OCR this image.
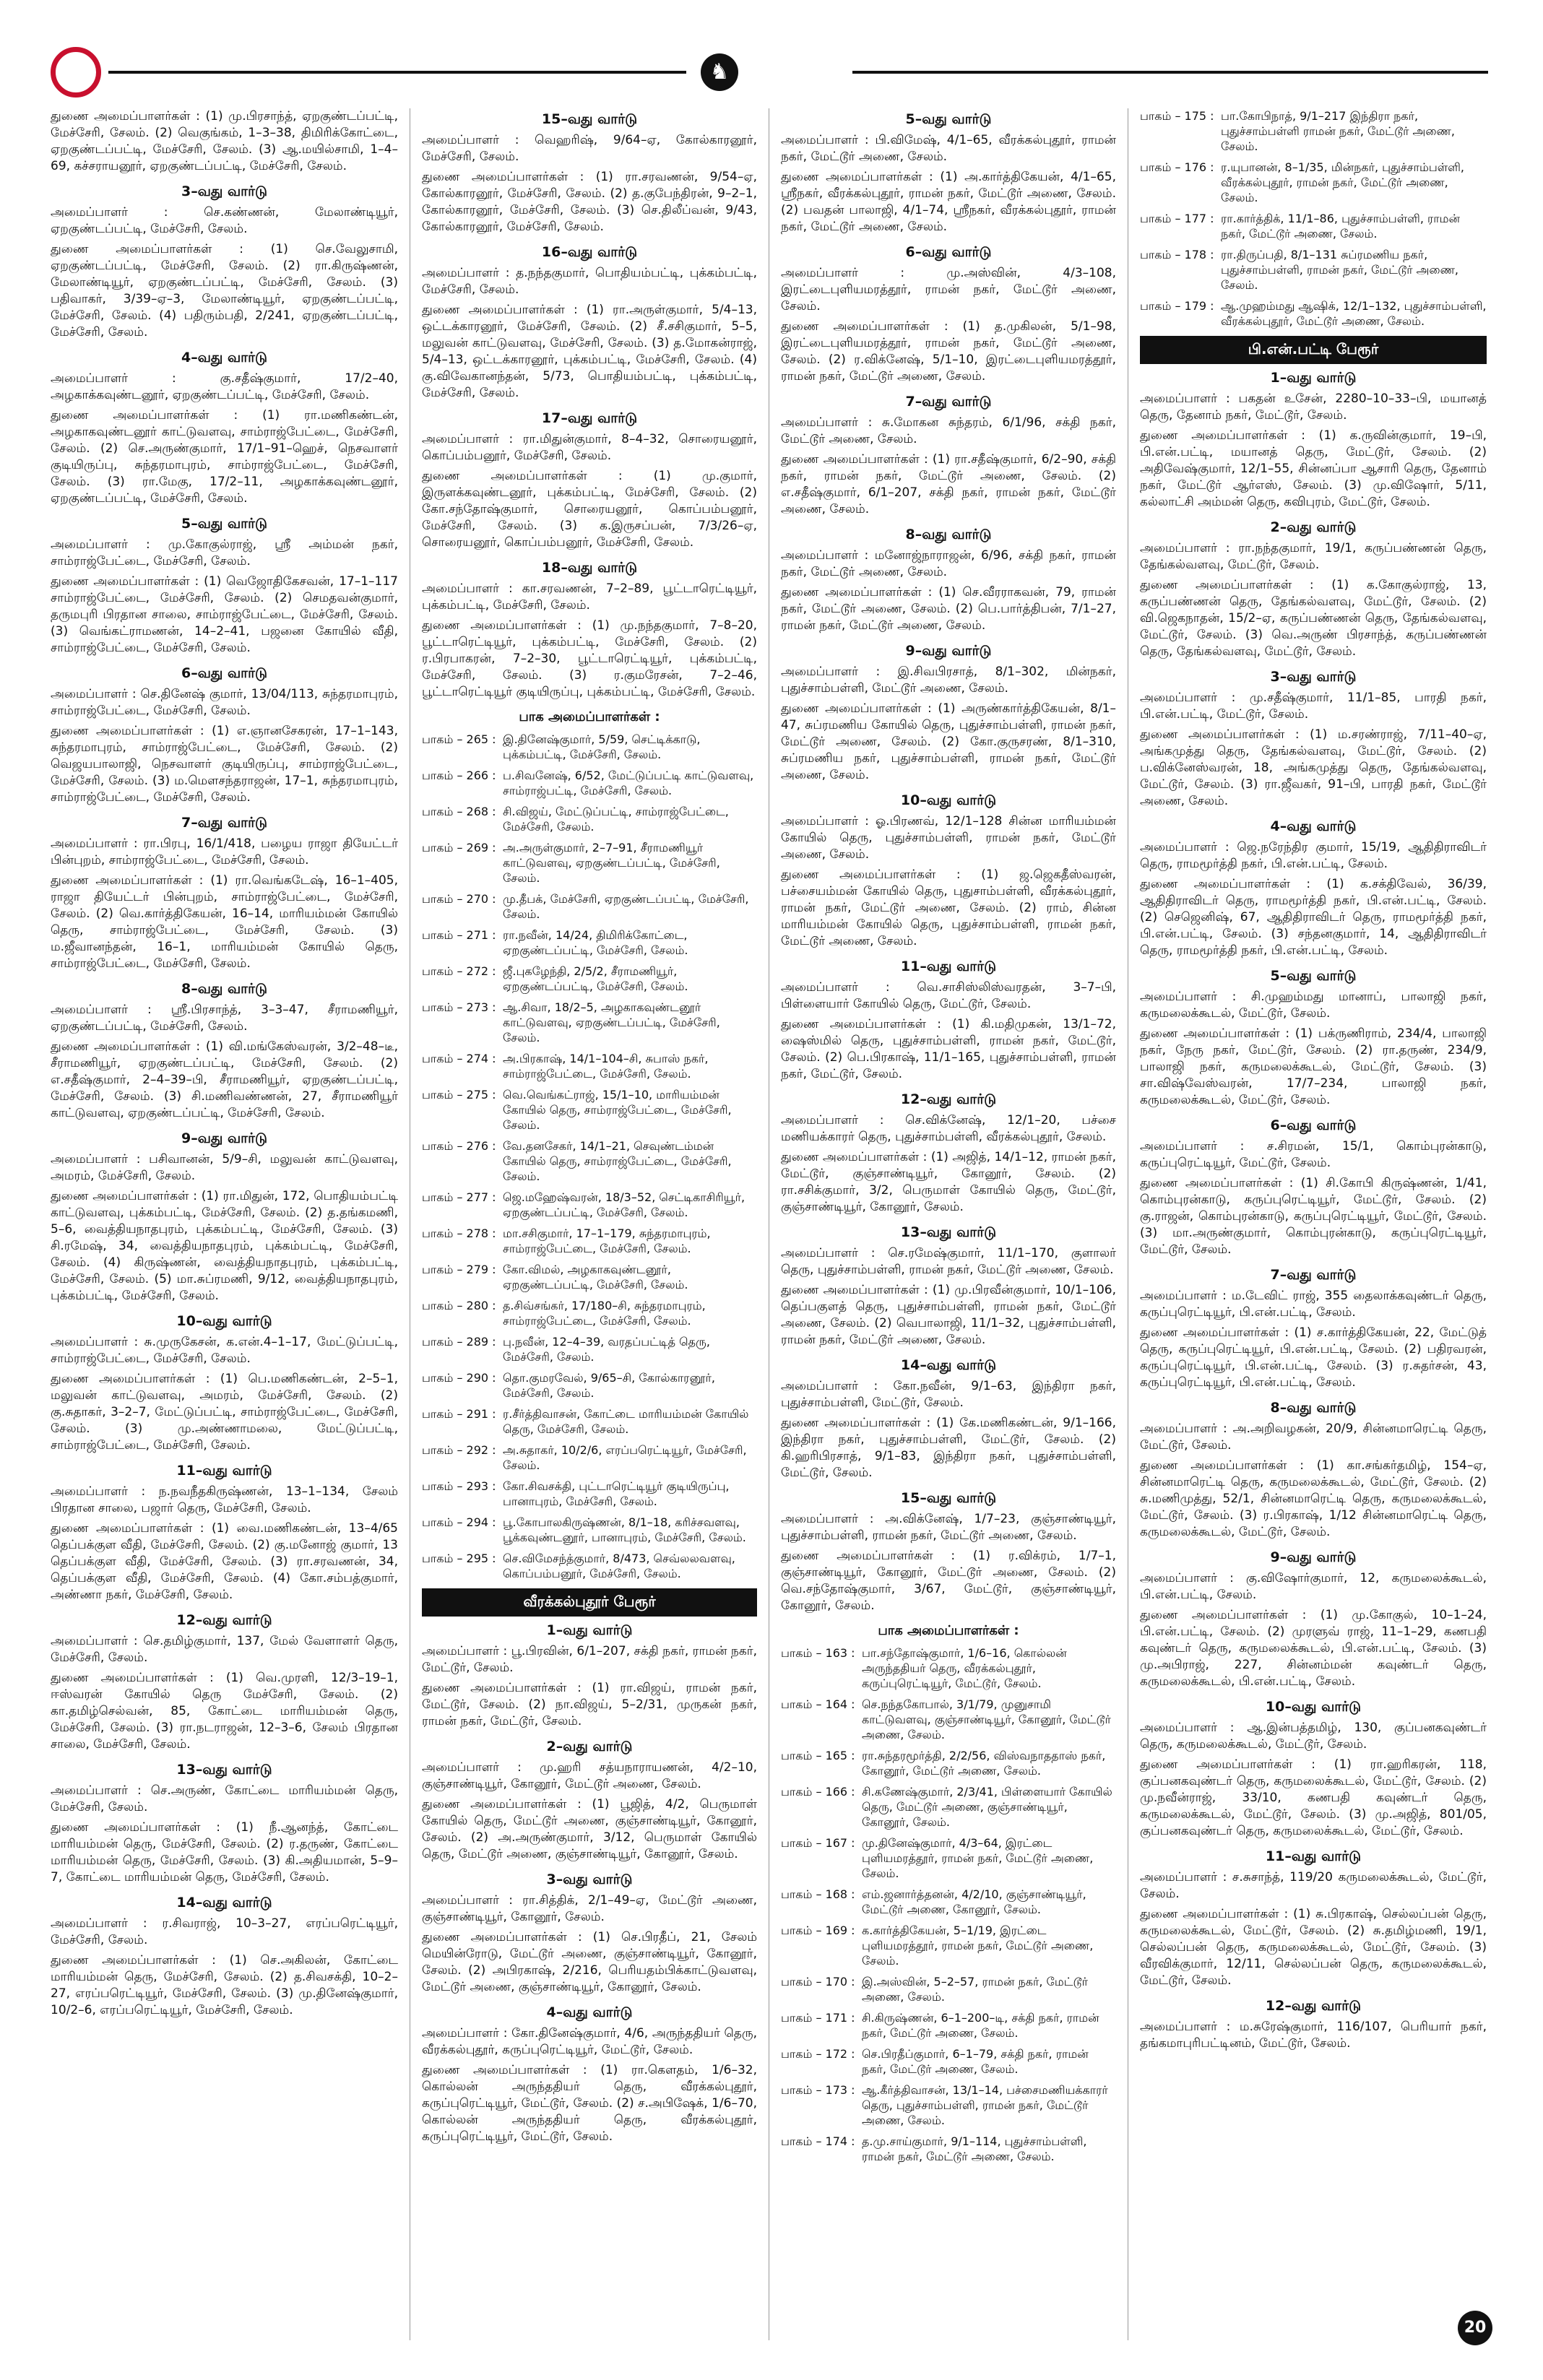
♞

துணை அமைப்பாளர்கள் : (1) மு.பிரசாந்த், ஏறகுண்டப்பட்டி, மேச்சேரி, சேலம். (2) வெகுங்கம், 1–3–38, திமிரிக்கோட்டை, ஏறகுண்டப்பட்டி, மேச்சேரி, சேலம். (3) ஆ.மயில்சாமி, 1–4–69, கச்சராயனூர், ஏறகுண்டப்பட்டி, மேச்சேரி, சேலம்.

3–வது வார்டு

அமைப்பாளர் : செ.கண்ணன், மேலாண்டியூர், ஏறகுண்டப்பட்டி, மேச்சேரி, சேலம்.

துணை அமைப்பாளர்கள் : (1) செ.வேலுசாமி, ஏறகுண்டப்பட்டி, மேச்சேரி, சேலம். (2) ரா.கிருஷ்ணன், மேலாண்டியூர், ஏறகுண்டப்பட்டி, மேச்சேரி, சேலம். (3) பதிவாகர், 3/39–ஏ–3, மேலாண்டியூர், ஏறகுண்டப்பட்டி, மேச்சேரி, சேலம். (4) பதிரும்பதி, 2/241, ஏறகுண்டப்பட்டி, மேச்சேரி, சேலம்.

4–வது வார்டு

அமைப்பாளர் : கு.சதீஷ்குமார், 17/2–40, அழகாக்கவுண்டனூர், ஏறகுண்டப்பட்டி, மேச்சேரி, சேலம்.

துணை அமைப்பாளர்கள் : (1) ரா.மணிகண்டன், அழகாகவுண்டனூர் காட்டுவளவு, சாம்ராஜ்பேட்டை, மேச்சேரி, சேலம். (2) செ.அருண்குமார், 17/1–91–ஹெச், நெசவாளர் குடியிருப்பு, சுந்தரமாபுரம், சாம்ராஜ்பேட்டை, மேச்சேரி, சேலம். (3) ரா.மேகு, 17/2–11, அழகாக்கவுண்டனூர், ஏறகுண்டப்பட்டி, மேச்சேரி, சேலம்.

5–வது வார்டு

அமைப்பாளர் : மு.கோகுல்ராஜ், ஸ்ரீ அம்மன் நகர், சாம்ராஜ்பேட்டை, மேச்சேரி, சேலம்.

துணை அமைப்பாளர்கள் : (1) வெஜோதிகேசவன், 17–1–117 சாம்ராஜ்பேட்டை, மேச்சேரி, சேலம். (2) செமதவன்குமார், தருமபுரி பிரதான சாலை, சாம்ராஜ்பேட்டை, மேச்சேரி, சேலம். (3) வெங்கட்ராமணன், 14–2–41, பஜனை கோயில் வீதி, சாம்ராஜ்பேட்டை, மேச்சேரி, சேலம்.

6–வது வார்டு

அமைப்பாளர் : செ.தினேஷ் குமார், 13/04/113, சுந்தரமாபுரம், சாம்ராஜ்பேட்டை, மேச்சேரி, சேலம்.

துணை அமைப்பாளர்கள் : (1) எ.ஞானசேகரன், 17–1–143, சுந்தரமாபுரம், சாம்ராஜ்பேட்டை, மேச்சேரி, சேலம். (2) வெஜயபாலாஜி, நெசவாளர் குடியிருப்பு, சாம்ராஜ்பேட்டை, மேச்சேரி, சேலம். (3) ம.மௌசந்தராஜன், 17–1, சுந்தரமாபுரம், சாம்ராஜ்பேட்டை, மேச்சேரி, சேலம்.

7–வது வார்டு

அமைப்பாளர் : ரா.பிரபு, 16/1/418, பழைய ராஜா தியேட்டர் பின்புறம், சாம்ராஜ்பேட்டை, மேச்சேரி, சேலம்.

துணை அமைப்பாளர்கள் : (1) ரா.வெங்கடேஷ், 16–1–405, ராஜா தியேட்டர் பின்புறம், சாம்ராஜ்பேட்டை, மேச்சேரி, சேலம். (2) வெ.கார்த்திகேயன், 16–14, மாரியம்மன் கோயில் தெரு, சாம்ராஜ்பேட்டை, மேச்சேரி, சேலம். (3) ம.ஜீவானந்தன், 16–1, மாரியம்மன் கோயில் தெரு, சாம்ராஜ்பேட்டை, மேச்சேரி, சேலம்.

8–வது வார்டு

அமைப்பாளர் : ஸ்ரீ.பிரசாந்த், 3–3–47, சீராமணியூர், ஏறகுண்டப்பட்டி, மேச்சேரி, சேலம்.

துணை அமைப்பாளர்கள் : (1) வி.மங்கேஸ்வரன், 3/2–48–டீ, சீராமணியூர், ஏறகுண்டப்பட்டி, மேச்சேரி, சேலம். (2) எ.சதீஷ்குமார், 2–4–39–பி, சீராமணியூர், ஏறகுண்டப்பட்டி, மேச்சேரி, சேலம். (3) சி.மணிவண்ணன், 27, சீராமணியூர் காட்டுவளவு, ஏறகுண்டப்பட்டி, மேச்சேரி, சேலம்.

9–வது வார்டு

அமைப்பாளர் : பசிவானன், 5/9–சி, மலுவன் காட்டுவளவு, அமரம், மேச்சேரி, சேலம்.

துணை அமைப்பாளர்கள் : (1) ரா.மிதுன், 172, பொதியம்பட்டி காட்டுவளவு, புக்கம்பட்டி, மேச்சேரி, சேலம். (2) த.தங்கமணி, 5–6, வைத்தியநாதபுரம், புக்கம்பட்டி, மேச்சேரி, சேலம். (3) சி.ரமேஷ், 34, வைத்தியநாதபுரம், புக்கம்பட்டி, மேச்சேரி, சேலம். (4) கிருஷ்ணன், வைத்தியநாதபுரம், புக்கம்பட்டி, மேச்சேரி, சேலம். (5) மா.சுப்ரமணி, 9/12, வைத்தியநாதபுரம், புக்கம்பட்டி, மேச்சேரி, சேலம்.

10–வது வார்டு

அமைப்பாளர் : சு.முருகேசன், க.என்.4–1–17, மேட்டுப்பட்டி, சாம்ராஜ்பேட்டை, மேச்சேரி, சேலம்.

துணை அமைப்பாளர்கள் : (1) பெ.மணிகண்டன், 2–5–1, மலுவன் காட்டுவளவு, அமரம், மேச்சேரி, சேலம். (2) கு.சுதாகர், 3–2–7, மேட்டுப்பட்டி, சாம்ராஜ்பேட்டை, மேச்சேரி, சேலம். (3) மு.அண்ணாமலை, மேட்டுப்பட்டி, சாம்ராஜ்பேட்டை, மேச்சேரி, சேலம்.

11–வது வார்டு

அமைப்பாளர் : ந.நவநீதகிருஷ்ணன், 13–1–134, சேலம் பிரதான சாலை, பஜார் தெரு, மேச்சேரி, சேலம்.

துணை அமைப்பாளர்கள் : (1) வை.மணிகண்டன், 13–4/65 தெப்பக்குள வீதி, மேச்சேரி, சேலம். (2) கு.மனோஜ் குமார், 13 தெப்பக்குள வீதி, மேச்சேரி, சேலம். (3) ரா.சரவணன், 34, தெப்பக்குள வீதி, மேச்சேரி, சேலம். (4) கோ.சம்பத்குமார், அண்ணா நகர், மேச்சேரி, சேலம்.

12–வது வார்டு

அமைப்பாளர் : செ.தமிழ்குமார், 137, மேல் வேளாளர் தெரு, மேச்சேரி, சேலம்.

துணை அமைப்பாளர்கள் : (1) வெ.முரளி, 12/3–19–1, ஈஸ்வரன் கோயில் தெரு மேச்சேரி, சேலம். (2) கா.தமிழ்செல்வன், 85, கோட்டை மாரியம்மன் தெரு, மேச்சேரி, சேலம். (3) ரா.நடராஜன், 12–3–6, சேலம் பிரதான சாலை, மேச்சேரி, சேலம்.

13–வது வார்டு

அமைப்பாளர் : செ.அருண், கோட்டை மாரியம்மன் தெரு, மேச்சேரி, சேலம்.

துணை அமைப்பாளர்கள் : (1) நீ.ஆனந்த், கோட்டை மாரியம்மன் தெரு, மேச்சேரி, சேலம். (2) ர.தருண், கோட்டை மாரியம்மன் தெரு, மேச்சேரி, சேலம். (3) கி.அதியமான், 5–9–7, கோட்டை மாரியம்மன் தெரு, மேச்சேரி, சேலம்.

14–வது வார்டு

அமைப்பாளர் : ர.சிவராஜ், 10–3–27, எரப்பரெட்டியூர், மேச்சேரி, சேலம்.

துணை அமைப்பாளர்கள் : (1) செ.அகிலன், கோட்டை மாரியம்மன் தெரு, மேச்சேரி, சேலம். (2) த.சிவசக்தி, 10–2–27, எரப்பரெட்டியூர், மேச்சேரி, சேலம். (3) மு.தினேஷ்குமார், 10/2–6, எரப்பரெட்டியூர், மேச்சேரி, சேலம்.

15–வது வார்டு

அமைப்பாளர் : வெஹரிஷ், 9/64–ஏ, கோல்காரனூர், மேச்சேரி, சேலம்.

துணை அமைப்பாளர்கள் : (1) ரா.சரவணன், 9/54–ஏ, கோல்காரனூர், மேச்சேரி, சேலம். (2) த.குபேந்திரன், 9–2–1, கோல்காரனூர், மேச்சேரி, சேலம். (3) செ.திலீப்வன், 9/43, கோல்காரனூர், மேச்சேரி, சேலம்.

16–வது வார்டு

அமைப்பாளர் : த.நந்தகுமார், பொதியம்பட்டி, புக்கம்பட்டி, மேச்சேரி, சேலம்.

துணை அமைப்பாளர்கள் : (1) ரா.அருள்குமார், 5/4–13, ஒட்டக்காரனூர், மேச்சேரி, சேலம். (2) சீ.சசிகுமார், 5–5, மலுவன் காட்டுவளவு, மேச்சேரி, சேலம். (3) த.மோகன்ராஜ், 5/4–13, ஒட்டக்காரனூர், புக்கம்பட்டி, மேச்சேரி, சேலம். (4) கு.விவேகானந்தன், 5/73, பொதியம்பட்டி, புக்கம்பட்டி, மேச்சேரி, சேலம்.

17–வது வார்டு

அமைப்பாளர் : ரா.மிதுன்குமார், 8–4–32, சொரையனூர், கொப்பம்பனூர், மேச்சேரி, சேலம்.

துணை அமைப்பாளர்கள் : (1) மு.குமார், இருளக்கவுண்டனூர், புக்கம்பட்டி, மேச்சேரி, சேலம். (2) கோ.சந்தோஷ்குமார், சொரையனூர், கொப்பம்பனூர், மேச்சேரி, சேலம். (3) க.இருசப்பன், 7/3/26–ஏ, சொரையனூர், கொப்பம்பனூர், மேச்சேரி, சேலம்.

18–வது வார்டு

அமைப்பாளர் : கா.சரவணன், 7–2–89, பூட்டாரெட்டியூர், புக்கம்பட்டி, மேச்சேரி, சேலம்.

துணை அமைப்பாளர்கள் : (1) மு.நந்தகுமார், 7–8–20, பூட்டாரெட்டியூர், புக்கம்பட்டி, மேச்சேரி, சேலம். (2) ர.பிரபாகரன், 7–2–30, பூட்டாரெட்டியூர், புக்கம்பட்டி, மேச்சேரி, சேலம். (3) ர.குமரேசன், 7–2–46, பூட்டாரெட்டியூர் குடியிருப்பு, புக்கம்பட்டி, மேச்சேரி, சேலம்.

பாக அமைப்பாளர்கள் :
பாகம் – 265 : இ.தினேஷ்குமார், 5/59, செட்டிக்காடு, புக்கம்பட்டி, மேச்சேரி, சேலம்.
பாகம் – 266 : ப.சிவனேஷ், 6/52, மேட்டுப்பட்டி காட்டுவளவு, சாம்ராஜ்பட்டி, மேச்சேரி, சேலம்.
பாகம் – 268 : சி.விஜய், மேட்டுப்பட்டி, சாம்ராஜ்பேட்டை, மேச்சேரி, சேலம்.
பாகம் – 269 : அ.அருள்குமார், 2–7–91, சீராமணியூர் காட்டுவளவு, ஏறகுண்டப்பட்டி, மேச்சேரி, சேலம்.
பாகம் – 270 : மு.தீபக், மேச்சேரி, ஏறகுண்டப்பட்டி, மேச்சேரி, சேலம்.
பாகம் – 271 : ரா.நவீன், 14/24, திமிரிக்கோட்டை, ஏறகுண்டப்பட்டி, மேச்சேரி, சேலம்.
பாகம் – 272 : ஜீ.புகழேந்தி, 2/5/2, சீராமணியூர், ஏறகுண்டப்பட்டி, மேச்சேரி, சேலம்.
பாகம் – 273 : ஆ.சிவா, 18/2–5, அழகாகவுண்டனூர் காட்டுவளவு, ஏறகுண்டப்பட்டி, மேச்சேரி, சேலம்.
பாகம் – 274 : அ.பிரகாஷ், 14/1–104–சி, சுபாஸ் நகர், சாம்ராஜ்பேட்டை, மேச்சேரி, சேலம்.
பாகம் – 275 : வெ.வெங்கட்ராஜ், 15/1–10, மாரியம்மன் கோயில் தெரு, சாம்ராஜ்பேட்டை, மேச்சேரி, சேலம்.
பாகம் – 276 : வே.தனசேகர், 14/1–21, செவுண்டம்மன் கோயில் தெரு, சாம்ராஜ்பேட்டை, மேச்சேரி, சேலம்.
பாகம் – 277 : ஜெ.மஹேஷ்வரன், 18/3–52, செட்டிகாசிரியூர், ஏறகுண்டப்பட்டி, மேச்சேரி, சேலம்.
பாகம் – 278 : மா.சசிகுமார், 17–1–179, சுந்தரமாபுரம், சாம்ராஜ்பேட்டை, மேச்சேரி, சேலம்.
பாகம் – 279 : கோ.விமல், அழகாகவுண்டனூர், ஏறகுண்டப்பட்டி, மேச்சேரி, சேலம்.
பாகம் – 280 : த.சிவ்சங்கர், 17/180–சி, சுந்தரமாபுரம், சாம்ராஜ்பேட்டை, மேச்சேரி, சேலம்.
பாகம் – 289 : பு.நவீன், 12–4–39, வரதப்பட்டித் தெரு, மேச்சேரி, சேலம்.
பாகம் – 290 : தொ.குமரவேல், 9/65–சி, கோல்காரனூர், மேச்சேரி, சேலம்.
பாகம் – 291 : ர.சீர்த்திவாசன், கோட்டை மாரியம்மன் கோயில் தெரு, மேச்சேரி, சேலம்.
பாகம் – 292 : அ.சுதாகர், 10/2/6, எரப்பரெட்டியூர், மேச்சேரி, சேலம்.
பாகம் – 293 : கோ.சிவசக்தி, புட்டாரெட்டியூர் குடியிருப்பு, பானாபுரம், மேச்சேரி, சேலம்.
பாகம் – 294 : பூ.கோபாலகிருஷ்ணன், 8/1–18, கரிச்சவளவு, பூக்கவுண்டனூர், பானாபுரம், மேச்சேரி, சேலம்.
பாகம் – 295 : செ.விமேசந்த்குமார், 8/473, செவ்லலவளவு, கொப்பம்பனூர், மேச்சேரி, சேலம்.
வீரக்கல்புதூர் பேரூர்
1–வது வார்டு

அமைப்பாளர் : பூ.பிரவின், 6/1–207, சக்தி நகர், ராமன் நகர், மேட்டூர், சேலம்.

துணை அமைப்பாளர்கள் : (1) ரா.விஜய், ராமன் நகர், மேட்டூர், சேலம். (2) நா.விஜய், 5–2/31, முருகன் நகர், ராமன் நகர், மேட்டூர், சேலம்.

2–வது வார்டு

அமைப்பாளர் : மு.ஹரி சத்யநாராயணன், 4/2–10, குஞ்சாண்டியூர், கோனூர், மேட்டூர் அணை, சேலம்.

துணை அமைப்பாளர்கள் : (1) பூஜித், 4/2, பெருமாள் கோயில் தெரு, மேட்டூர் அணை, குஞ்சாண்டியூர், கோனூர், சேலம். (2) அ.அருண்குமார், 3/12, பெருமாள் கோயில் தெரு, மேட்டூர் அணை, குஞ்சாண்டியூர், கோனூர், சேலம்.

3–வது வார்டு

அமைப்பாளர் : ரா.சித்திக், 2/1–49–ஏ, மேட்டூர் அணை, குஞ்சாண்டியூர், கோனூர், சேலம்.

துணை அமைப்பாளர்கள் : (1) செ.பிரதீப், 21, சேலம் மெயின்ரோடு, மேட்டூர் அணை, குஞ்சாண்டியூர், கோனூர், சேலம். (2) அபிரகாஷ், 2/216, பெரியதம்பிக்காட்டுவளவு, மேட்டூர் அணை, குஞ்சாண்டியூர், கோனூர், சேலம்.

4–வது வார்டு

அமைப்பாளர் : கோ.தினேஷ்குமார், 4/6, அருந்ததியர் தெரு, வீரக்கல்புதூர், கருப்புரெட்டியூர், மேட்டூர், சேலம்.

துணை அமைப்பாளர்கள் : (1) ரா.கௌதம், 1/6–32, கொல்லன் அருந்ததியர் தெரு, வீரக்கல்புதூர், கருப்புரெட்டியூர், மேட்டூர், சேலம். (2) ச.அபிஷேக், 1/6–70, கொல்லன் அருந்ததியர் தெரு, வீரக்கல்புதூர், கருப்புரெட்டியூர், மேட்டூர், சேலம்.

5–வது வார்டு

அமைப்பாளர் : பி.விமேஷ், 4/1–65, வீரக்கல்புதூர், ராமன் நகர், மேட்டூர் அணை, சேலம்.

துணை அமைப்பாளர்கள் : (1) அ.கார்த்திகேயன், 4/1–65, ஸ்ரீநகர், வீரக்கல்புதூர், ராமன் நகர், மேட்டூர் அணை, சேலம். (2) பவதன் பாலாஜி, 4/1–74, ஸ்ரீநகர், வீரக்கல்புதூர், ராமன் நகர், மேட்டூர் அணை, சேலம்.

6–வது வார்டு

அமைப்பாளர் : மு.அஸ்வின், 4/3–108, இரட்டைபுளியமரத்தூர், ராமன் நகர், மேட்டூர் அணை, சேலம்.

துணை அமைப்பாளர்கள் : (1) த.முகிலன், 5/1–98, இரட்டைபுளியமரத்தூர், ராமன் நகர், மேட்டூர் அணை, சேலம். (2) ர.விக்னேஷ், 5/1–10, இரட்டைபுளியமரத்தூர், ராமன் நகர், மேட்டூர் அணை, சேலம்.

7–வது வார்டு

அமைப்பாளர் : சு.மோகன சுந்தரம், 6/1/96, சக்தி நகர், மேட்டூர் அணை, சேலம்.

துணை அமைப்பாளர்கள் : (1) ரா.சதீஷ்குமார், 6/2–90, சக்தி நகர், ராமன் நகர், மேட்டூர் அணை, சேலம். (2) எ.சதீஷ்குமார், 6/1–207, சக்தி நகர், ராமன் நகர், மேட்டூர் அணை, சேலம்.

8–வது வார்டு

அமைப்பாளர் : மனோஜ்நாராஜன், 6/96, சக்தி நகர், ராமன் நகர், மேட்டூர் அணை, சேலம்.

துணை அமைப்பாளர்கள் : (1) செ.வீரராகவன், 79, ராமன் நகர், மேட்டூர் அணை, சேலம். (2) பெ.பார்த்திபன், 7/1–27, ராமன் நகர், மேட்டூர் அணை, சேலம்.

9–வது வார்டு

அமைப்பாளர் : இ.சிவபிரசாத், 8/1–302, மின்நகர், புதுச்சாம்பள்ளி, மேட்டூர் அணை, சேலம்.

துணை அமைப்பாளர்கள் : (1) அருண்கார்த்திகேயன், 8/1–47, சுப்ரமணிய கோயில் தெரு, புதுச்சாம்பள்ளி, ராமன் நகர், மேட்டூர் அணை, சேலம். (2) கோ.குருசரண், 8/1–310, சுப்ரமணிய நகர், புதுச்சாம்பள்ளி, ராமன் நகர், மேட்டூர் அணை, சேலம்.

10–வது வார்டு

அமைப்பாளர் : ஓ.பிரணவ், 12/1–128 சின்ன மாரியம்மன் கோயில் தெரு, புதுச்சாம்பள்ளி, ராமன் நகர், மேட்டூர் அணை, சேலம்.

துணை அமைப்பாளர்கள் : (1) ஜ.ஜெகதீஸ்வரன், பச்சையம்மன் கோயில் தெரு, புதுசாம்பள்ளி, வீரக்கல்புதூர், ராமன் நகர், மேட்டூர் அணை, சேலம். (2) ராம், சின்ன மாரியம்மன் கோயில் தெரு, புதுச்சாம்பள்ளி, ராமன் நகர், மேட்டூர் அணை, சேலம்.

11–வது வார்டு

அமைப்பாளர் : வெ.சாசிஸ்லிஸ்வரதன், 3–7–பி, பிள்ளையார் கோயில் தெரு, மேட்டூர், சேலம்.

துணை அமைப்பாளர்கள் : (1) கி.மதிமுகன், 13/1–72, ஷைஸ்மில் தெரு, புதுச்சாம்பள்ளி, ராமன் நகர், மேட்டூர், சேலம். (2) பெ.பிரகாஷ், 11/1–165, புதுச்சாம்பள்ளி, ராமன் நகர், மேட்டூர், சேலம்.

12–வது வார்டு

அமைப்பாளர் : செ.விக்னேஷ், 12/1–20, பச்சை மணியக்காரர் தெரு, புதுச்சாம்பள்ளி, வீரக்கல்புதூர், சேலம்.

துணை அமைப்பாளர்கள் : (1) அஜித், 14/1–12, ராமன் நகர், மேட்டூர், குஞ்சாண்டியூர், கோனூர், சேலம். (2) ரா.சசிக்குமார், 3/2, பெருமாள் கோயில் தெரு, மேட்டூர், குஞ்சாண்டியூர், கோனூர், சேலம்.

13–வது வார்டு

அமைப்பாளர் : செ.ரமேஷ்குமார், 11/1–170, குளாலர் தெரு, புதுச்சாம்பள்ளி, ராமன் நகர், மேட்டூர் அணை, சேலம்.

துணை அமைப்பாளர்கள் : (1) மு.பிரவீன்குமார், 10/1–106, தெப்பகுளத் தெரு, புதுச்சாம்பள்ளி, ராமன் நகர், மேட்டூர் அணை, சேலம். (2) வெபாலாஜி, 11/1–32, புதுச்சாம்பள்ளி, ராமன் நகர், மேட்டூர் அணை, சேலம்.

14–வது வார்டு

அமைப்பாளர் : கோ.நவீன், 9/1–63, இந்திரா நகர், புதுச்சாம்பள்ளி, மேட்டூர், சேலம்.

துணை அமைப்பாளர்கள் : (1) கே.மணிகண்டன், 9/1–166, இந்திரா நகர், புதுச்சாம்பள்ளி, மேட்டூர், சேலம். (2) கி.ஹரிபிரசாத், 9/1–83, இந்திரா நகர், புதுச்சாம்பள்ளி, மேட்டூர், சேலம்.

15–வது வார்டு

அமைப்பாளர் : அ.விக்னேஷ், 1/7–23, குஞ்சாண்டியூர், புதுச்சாம்பள்ளி, ராமன் நகர், மேட்டூர் அணை, சேலம்.

துணை அமைப்பாளர்கள் : (1) ர.விக்ரம், 1/7–1, குஞ்சாண்டியூர், கோனூர், மேட்டூர் அணை, சேலம். (2) வெ.சந்தோஷ்குமார், 3/67, மேட்டூர், குஞ்சாண்டியூர், கோனூர், சேலம்.

பாக அமைப்பாளர்கள் :
பாகம் – 163 : பா.சந்தோஷ்குமார், 1/6–16, கொல்லன் அருந்ததியர் தெரு, வீரக்கல்புதூர், கருப்புரெட்டியூர், மேட்டூர், சேலம்.
பாகம் – 164 : செ.நந்தகோபால், 3/1/79, முனுசாமி காட்டுவளவு, குஞ்சாண்டியூர், கோனூர், மேட்டூர் அணை, சேலம்.
பாகம் – 165 : ரா.சுந்தரமூர்த்தி, 2/2/56, விஸ்வநாததாஸ் நகர், கோனூர், மேட்டூர் அணை, சேலம்.
பாகம் – 166 : சி.கணேஷ்குமார், 2/3/41, பிள்ளையார் கோயில் தெரு, மேட்டூர் அணை, குஞ்சாண்டியூர், கோனூர், சேலம்.
பாகம் – 167 : மு.தினேஷ்குமார், 4/3–64, இரட்டை புளியமரத்தூர், ராமன் நகர், மேட்டூர் அணை, சேலம்.
பாகம் – 168 : எம்.ஜனார்த்தனன், 4/2/10, குஞ்சாண்டியூர், மேட்டூர் அணை, கோனூர், சேலம்.
பாகம் – 169 : க.கார்த்திகேயன், 5–1/19, இரட்டை புளியமரத்தூர், ராமன் நகர், மேட்டூர் அணை, சேலம்.
பாகம் – 170 : இ.அஸ்வின், 5–2–57, ராமன் நகர், மேட்டூர் அணை, சேலம்.
பாகம் – 171 : சி.கிருஷ்ணன், 6–1–200–டி, சக்தி நகர், ராமன் நகர், மேட்டூர் அணை, சேலம்.
பாகம் – 172 : செ.பிரதீப்குமார், 6–1–79, சக்தி நகர், ராமன் நகர், மேட்டூர் அணை, சேலம்.
பாகம் – 173 : ஆ.கீர்த்திவாசன், 13/1–14, பச்சைமணியக்காரர் தெரு, புதுச்சாம்பள்ளி, ராமன் நகர், மேட்டூர் அணை, சேலம்.
பாகம் – 174 : த.மு.சாய்குமார், 9/1–114, புதுச்சாம்பள்ளி, ராமன் நகர், மேட்டூர் அணை, சேலம்.
பாகம் – 175 : பா.கோபிநாத், 9/1–217 இந்திரா நகர், புதுச்சாம்பள்ளி ராமன் நகர், மேட்டூர் அணை, சேலம்.
பாகம் – 176 : ர.யுபானன், 8–1/35, மின்நகர், புதுச்சாம்பள்ளி, வீரக்கல்புதூர், ராமன் நகர், மேட்டூர் அணை, சேலம்.
பாகம் – 177 : ரா.கார்த்திக், 11/1–86, புதுச்சாம்பள்ளி, ராமன் நகர், மேட்டூர் அணை, சேலம்.
பாகம் – 178 : ரா.திருப்பதி, 8/1–131 சுப்ரமணிய நகர், புதுச்சாம்பள்ளி, ராமன் நகர், மேட்டூர் அணை, சேலம்.
பாகம் – 179 : ஆ.முஹம்மது ஆஷிக், 12/1–132, புதுச்சாம்பள்ளி, வீரக்கல்புதூர், மேட்டூர் அணை, சேலம்.
பி.என்.பட்டி பேரூர்
1–வது வார்டு

அமைப்பாளர் : பகதன் உசேன், 2280–10–33–பி, மயானத் தெரு, தேனாம் நகர், மேட்டூர், சேலம்.

துணை அமைப்பாளர்கள் : (1) க.ருவின்குமார், 19–பி, பி.என்.பட்டி, மயானத் தெரு, மேட்டூர், சேலம். (2) அதிவேஷ்குமார், 12/1–55, சின்னப்பா ஆசாரி தெரு, தேனாம் நகர், மேட்டூர் ஆர்எஸ், சேலம். (3) மு.விஷோர், 5/11, கல்லாட்சி அம்மன் தெரு, கவிபுரம், மேட்டூர், சேலம்.

2–வது வார்டு

அமைப்பாளர் : ரா.நந்தகுமார், 19/1, கருப்பண்ணன் தெரு, தேங்கல்வளவு, மேட்டூர், சேலம்.

துணை அமைப்பாளர்கள் : (1) க.கோகுல்ராஜ், 13, கருப்பண்ணன் தெரு, தேங்கல்வளவு, மேட்டூர், சேலம். (2) வி.ஜெகநாதன், 15/2–ஏ, கருப்பண்ணன் தெரு, தேங்கல்வளவு, மேட்டூர், சேலம். (3) வெ.அருண் பிரசாந்த், கருப்பண்ணன் தெரு, தேங்கல்வளவு, மேட்டூர், சேலம்.

3–வது வார்டு

அமைப்பாளர் : மு.சதீஷ்குமார், 11/1–85, பாரதி நகர், பி.என்.பட்டி, மேட்டூர், சேலம்.

துணை அமைப்பாளர்கள் : (1) ம.சரண்ராஜ், 7/11–40–ஏ, அங்கமுத்து தெரு, தேங்கல்வளவு, மேட்டூர், சேலம். (2) ப.விக்னேஸ்வரன், 18, அங்கமுத்து தெரு, தேங்கல்வளவு, மேட்டூர், சேலம். (3) ரா.ஜீவகர், 91–பி, பாரதி நகர், மேட்டூர் அணை, சேலம்.

4–வது வார்டு

அமைப்பாளர் : ஜெ.நரேந்திர குமார், 15/19, ஆதிதிராவிடர் தெரு, ராமமூர்த்தி நகர், பி.என்.பட்டி, சேலம்.

துணை அமைப்பாளர்கள் : (1) க.சக்திவேல், 36/39, ஆதிதிராவிடர் தெரு, ராமமூர்த்தி நகர், பி.என்.பட்டி, சேலம். (2) செஜெனிஷ், 67, ஆதிதிராவிடர் தெரு, ராமமூர்த்தி நகர், பி.என்.பட்டி, சேலம். (3) சந்தனகுமார், 14, ஆதிதிராவிடர் தெரு, ராமமூர்த்தி நகர், பி.என்.பட்டி, சேலம்.

5–வது வார்டு

அமைப்பாளர் : சி.முஹம்மது மானாப், பாலாஜி நகர், கருமலைக்கூடல், மேட்டூர், சேலம்.

துணை அமைப்பாளர்கள் : (1) பக்ருணிராம், 234/4, பாலாஜி நகர், நேரு நகர், மேட்டூர், சேலம். (2) ரா.தருண், 234/9, பாலாஜி நகர், கருமலைக்கூடல், மேட்டூர், சேலம். (3) சா.விஷ்வேஸ்வரன், 17/7–234, பாலாஜி நகர், கருமலைக்கூடல், மேட்டூர், சேலம்.

6–வது வார்டு

அமைப்பாளர் : ச.சிரமன், 15/1, கொம்புரன்காடு, கருப்புரெட்டியூர், மேட்டூர், சேலம்.

துணை அமைப்பாளர்கள் : (1) சி.கோபி கிருஷ்ணன், 1/41, கொம்புரன்காடு, கருப்புரெட்டியூர், மேட்டூர், சேலம். (2) கு.ராஜன், கொம்புரன்காடு, கருப்புரெட்டியூர், மேட்டூர், சேலம். (3) மா.அருண்குமார், கொம்புரன்காடு, கருப்புரெட்டியூர், மேட்டூர், சேலம்.

7–வது வார்டு

அமைப்பாளர் : ம.டேவிட் ராஜ், 355 தைலாக்கவுண்டர் தெரு, கருப்புரெட்டியூர், பி.என்.பட்டி, சேலம்.

துணை அமைப்பாளர்கள் : (1) ச.கார்த்திகேயன், 22, மேட்டுத் தெரு, கருப்புரெட்டியூர், பி.என்.பட்டி, சேலம். (2) பதிரவரன், கருப்புரெட்டியூர், பி.என்.பட்டி, சேலம். (3) ர.சுதர்சன், 43, கருப்புரெட்டியூர், பி.என்.பட்டி, சேலம்.

8–வது வார்டு

அமைப்பாளர் : அ.அறிவழகன், 20/9, சின்னமாரெட்டி தெரு, மேட்டூர், சேலம்.

துணை அமைப்பாளர்கள் : (1) கா.சங்கர்தமிழ், 154–ஏ, சின்னமாரெட்டி தெரு, கருமலைக்கூடல், மேட்டூர், சேலம். (2) சு.மணிமுத்து, 52/1, சின்னமாரெட்டி தெரு, கருமலைக்கூடல், மேட்டூர், சேலம். (3) ர.பிரகாஷ், 1/12 சின்னமாரெட்டி தெரு, கருமலைக்கூடல், மேட்டூர், சேலம்.

9–வது வார்டு

அமைப்பாளர் : கு.விஷோர்குமார், 12, கருமலைக்கூடல், பி.என்.பட்டி, சேலம்.

துணை அமைப்பாளர்கள் : (1) மு.கோகுல், 10–1–24, பி.என்.பட்டி, சேலம். (2) முரளுவ் ராஜ், 11–1–29, கணபதி கவுண்டர் தெரு, கருமலைக்கூடல், பி.என்.பட்டி, சேலம். (3) மு.அபிராஜ், 227, சின்னம்மன் கவுண்டர் தெரு, கருமலைக்கூடல், பி.என்.பட்டி, சேலம்.

10–வது வார்டு

அமைப்பாளர் : ஆ.இன்பத்தமிழ், 130, குப்பனகவுண்டர் தெரு, கருமலைக்கூடல், மேட்டூர், சேலம்.

துணை அமைப்பாளர்கள் : (1) ரா.ஹரிகரன், 118, குப்பனகவுண்டர் தெரு, கருமலைக்கூடல், மேட்டூர், சேலம். (2) மு.நவீன்ராஜ், 33/10, கணபதி கவுண்டர் தெரு, கருமலைக்கூடல், மேட்டூர், சேலம். (3) மு.அஜித், 801/05, குப்பனகவுண்டர் தெரு, கருமலைக்கூடல், மேட்டூர், சேலம்.

11–வது வார்டு

அமைப்பாளர் : ச.சுசாந்த், 119/20 கருமலைக்கூடல், மேட்டூர், சேலம்.

துணை அமைப்பாளர்கள் : (1) சு.பிரகாஷ், செல்லப்பன் தெரு, கருமலைக்கூடல், மேட்டூர், சேலம். (2) சு.தமிழ்மணி, 19/1, செல்லப்பன் தெரு, கருமலைக்கூடல், மேட்டூர், சேலம். (3) வீரவிக்குமார், 12/11, செல்லப்பன் தெரு, கருமலைக்கூடல், மேட்டூர், சேலம்.

12–வது வார்டு

அமைப்பாளர் : ம.சுரேஷ்குமார், 116/107, பெரியார் நகர், தங்கமாபுரிபட்டினம், மேட்டூர், சேலம்.

20
